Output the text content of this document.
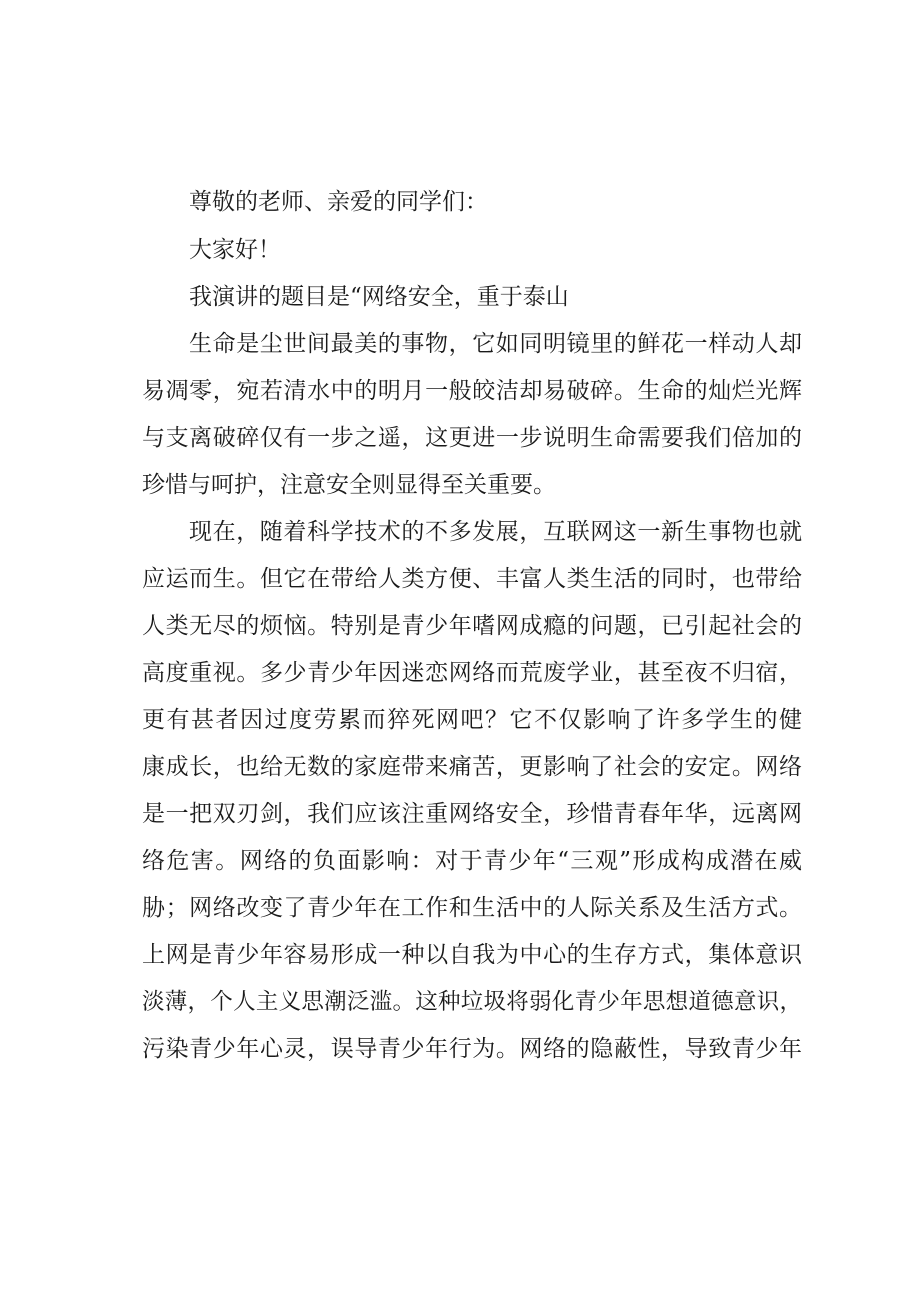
尊敬的老师、亲爱的同学们：
大家好！
我演讲的题目是“网络安全，重于泰山
生命是尘世间最美的事物，它如同明镜里的鲜花一样动人却
易凋零，宛若清水中的明月一般皎洁却易破碎。生命的灿烂光辉
与支离破碎仅有一步之遥，这更进一步说明生命需要我们倍加的
珍惜与呵护，注意安全则显得至关重要。
现在，随着科学技术的不多发展，互联网这一新生事物也就
应运而生。但它在带给人类方便、丰富人类生活的同时，也带给
人类无尽的烦恼。特别是青少年嗜网成瘾的问题，已引起社会的
高度重视。多少青少年因迷恋网络而荒废学业，甚至夜不归宿，
更有甚者因过度劳累而猝死网吧？它不仅影响了许多学生的健
康成长，也给无数的家庭带来痛苦，更影响了社会的安定。网络
是一把双刃剑，我们应该注重网络安全，珍惜青春年华，远离网
络危害。网络的负面影响：对于青少年“三观”形成构成潜在威
胁；网络改变了青少年在工作和生活中的人际关系及生活方式。
上网是青少年容易形成一种以自我为中心的生存方式，集体意识
淡薄，个人主义思潮泛滥。这种垃圾将弱化青少年思想道德意识，
污染青少年心灵，误导青少年行为。网络的隐蔽性，导致青少年
